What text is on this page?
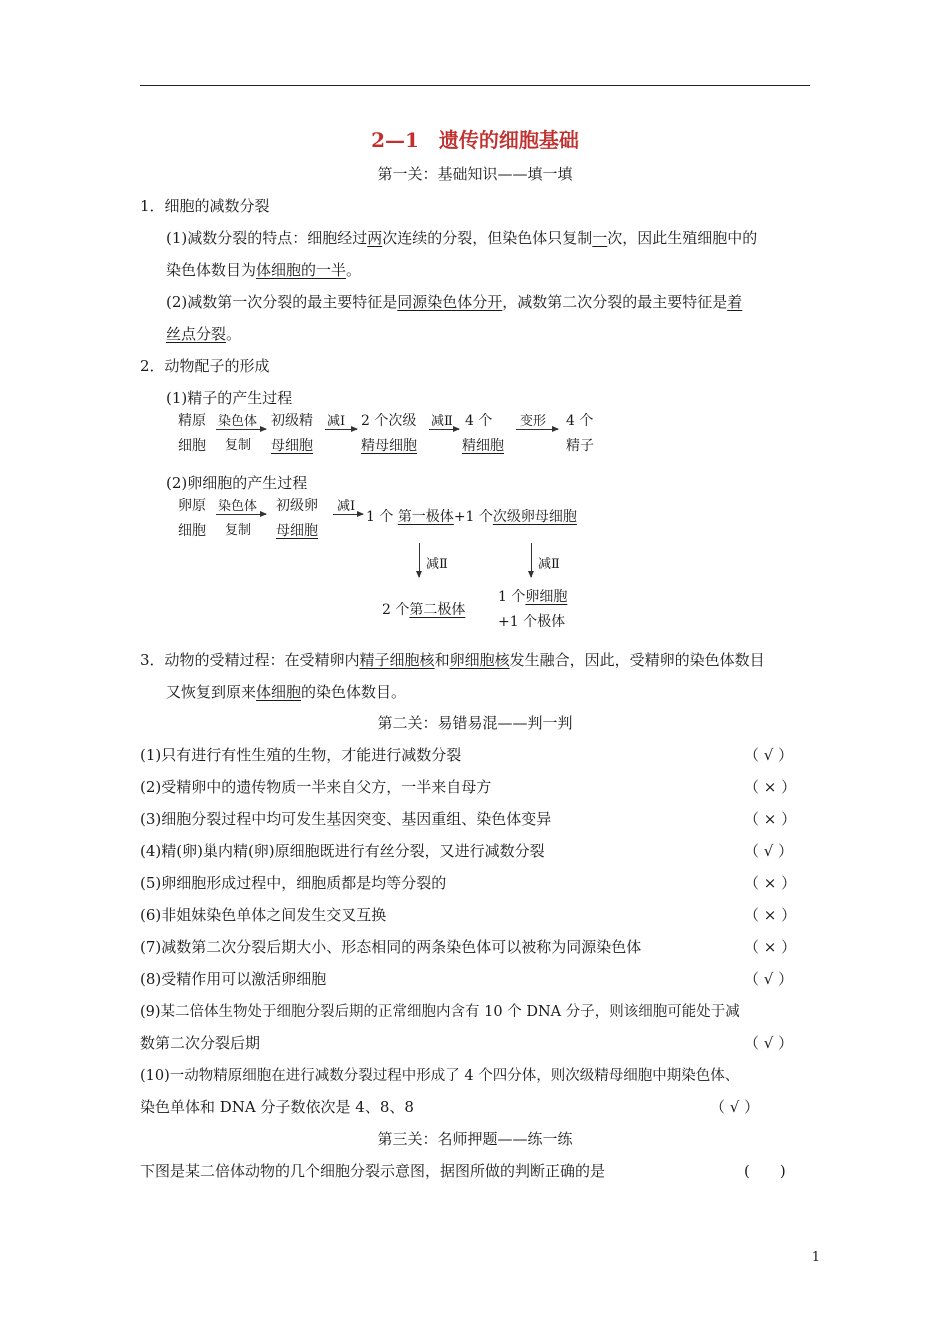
2—1　遗传的细胞基础
第一关：基础知识——填一填
1．细胞的减数分裂
(1)减数分裂的特点：细胞经过两次连续的分裂，但染色体只复制一次，因此生殖细胞中的
染色体数目为体细胞的一半。
(2)减数第一次分裂的最主要特征是同源染色体分开，减数第二次分裂的最主要特征是着
丝点分裂。
2．动物配子的形成
(1)精子的产生过程
精原
细胞
染色体
复制
初级精
母细胞
减Ⅰ 2 个次级
精母细胞
减Ⅱ 4 个
精细胞
变形 4 个
精子
(2)卵细胞的产生过程
卵原
细胞
染色体
复制
初级卵
母细胞
减Ⅰ
1 个 第一极体+1 个次级卵母细胞
减Ⅱ	减Ⅱ
2 个第二极体
1 个卵细胞
+1 个极体
3．动物的受精过程：在受精卵内精子细胞核和卵细胞核发生融合，因此，受精卵的染色体数目
又恢复到原来体细胞的染色体数目。
第二关：易错易混——判一判
(1)只有进行有性生殖的生物，才能进行减数分裂	（ √ ）
(2)受精卵中的遗传物质一半来自父方，一半来自母方	（ × ）
(3)细胞分裂过程中均可发生基因突变、基因重组、染色体变异	（ × ）
(4)精(卵)巢内精(卵)原细胞既进行有丝分裂，又进行减数分裂	（ √ ）
(5)卵细胞形成过程中，细胞质都是均等分裂的	（ × ）
(6)非姐妹染色单体之间发生交叉互换	（ × ）
(7)减数第二次分裂后期大小、形态相同的两条染色体可以被称为同源染色体	（ × ）
(8)受精作用可以激活卵细胞	（ √ ）
(9)某二倍体生物处于细胞分裂后期的正常细胞内含有 10 个 DNA 分子，则该细胞可能处于减
数第二次分裂后期	（ √ ）
(10)一动物精原细胞在进行减数分裂过程中形成了 4 个四分体，则次级精母细胞中期染色体、
染色单体和 DNA 分子数依次是 4、8、8	（ √ ）
第三关：名师押题——练一练
下图是某二倍体动物的几个细胞分裂示意图，据图所做的判断正确的是	(　　)
1
